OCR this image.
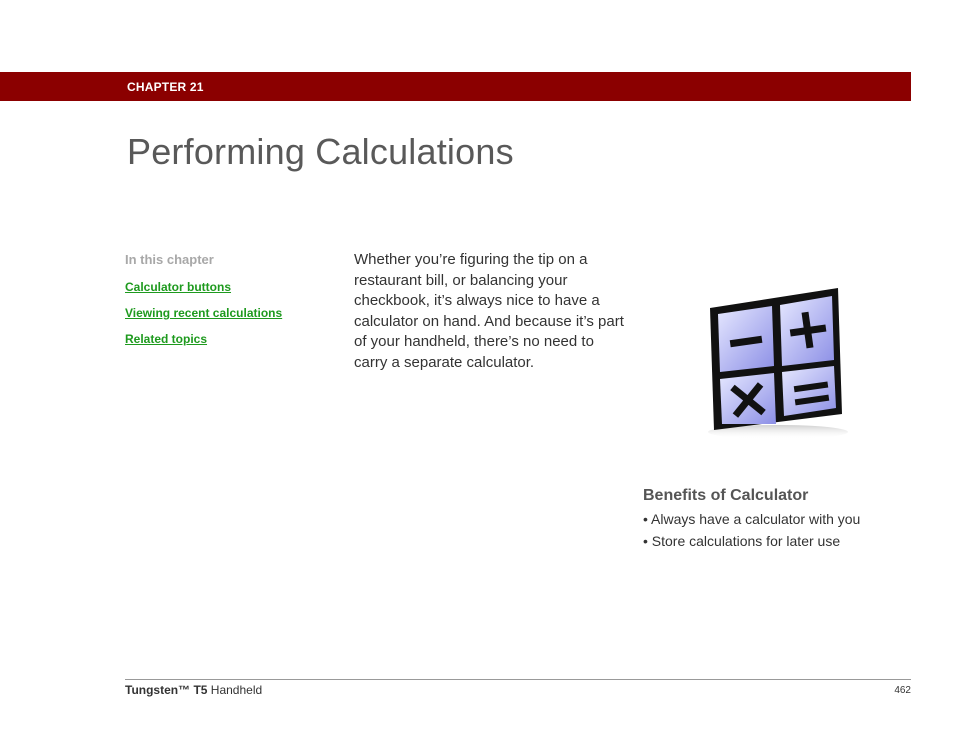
CHAPTER 21
Performing Calculations
In this chapter
Calculator buttons
Viewing recent calculations
Related topics

Whether you’re figuring the tip on a restaurant bill, or balancing your checkbook, it’s always nice to have a calculator on hand. And because it’s part of your handheld, there’s no need to carry a separate calculator.

Benefits of Calculator
• Always have a calculator with you
• Store calculations for later use
Tungsten™ T5 Handheld	462
